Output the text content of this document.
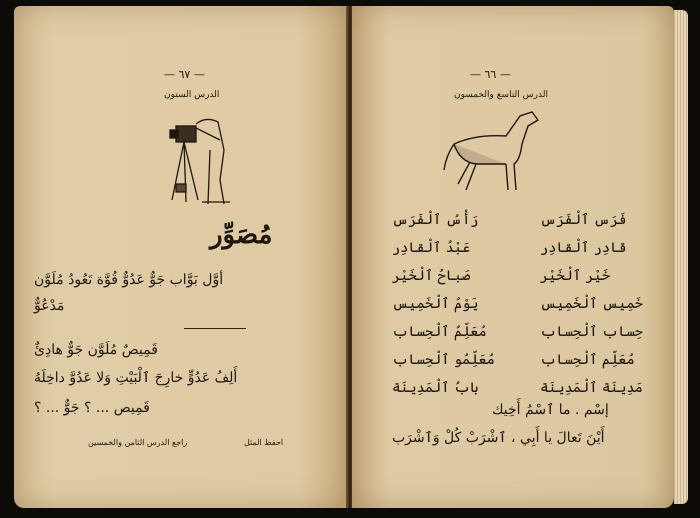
— ٦٧ —
الدرس الستون
مُصَوِّر
أوَّل بَوَّاب جَوٌّ عَدُوٌّ قُوَّة تَعُودُ مُلَوَّن
مَدْعُوٌّ
قَمِيصٌ مُلَوَّن جَوٌّ هادِئٌ
أَلِفُ عَدُوٍّ خارِجَ ٱلْبَيْتِ وَلا عَدُوَّ داخِلَهُ
قَمِيص ... ؟ جَوٌّ ... ؟
احفظ المثل
راجع الدرس الثامن والخمسين
— ٦٦ —
الدرس التاسع والخمسون
فَرَس ٱلْفَرَس
قادِر ٱلْقادِر
خَيْر ٱلْخَيْر
خَمِيس ٱلْخَمِيس
حِساب ٱلْحِساب
مُعَلِّم ٱلْحِساب
مَدِينَة ٱلْمَدِينَة
رَأْسُ ٱلْفَرَس
عَبْدُ ٱلْقادِر
صَباحُ ٱلْخَيْر
يَوْمُ ٱلْخَمِيس
مُعَلِّمُ ٱلْحِساب
مُعَلِّمُو ٱلْحِساب
بابُ ٱلْمَدِينَة
إسْم . ما ٱسْمُ أَخِيك
أَيْنَ تَعالَ يا أَبِي ، ٱشْرَبْ كُلْ وَٱشْرَب
